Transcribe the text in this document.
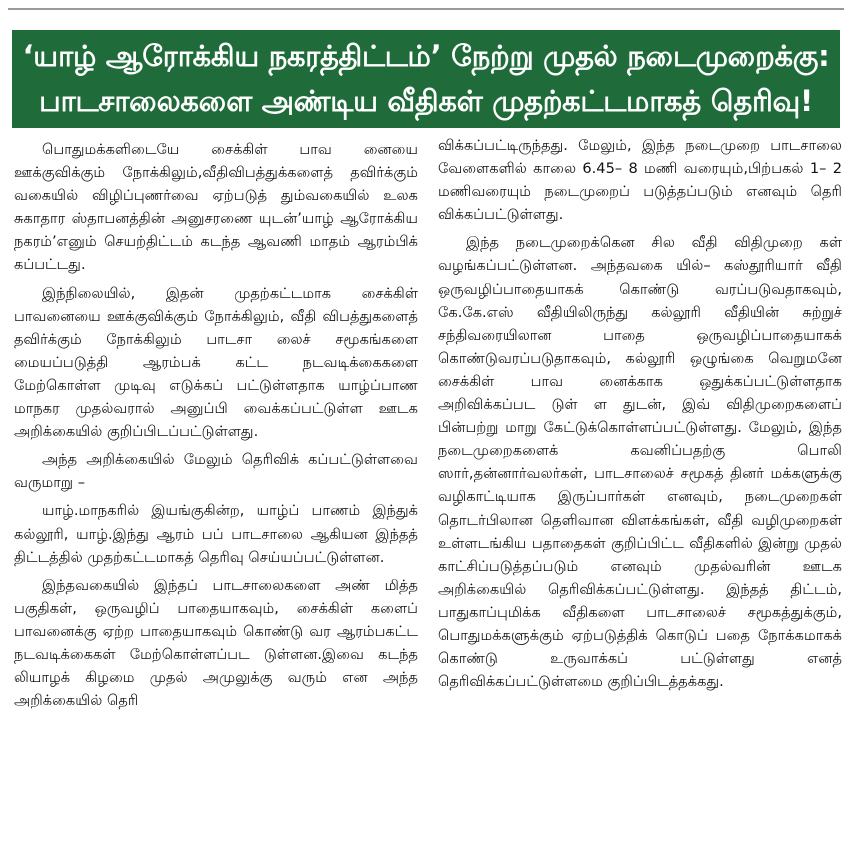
‘யாழ் ஆரோக்கிய நகரத்திட்டம்’ நேற்று முதல் நடைமுறைக்கு:
பாடசாலைகளை அண்டிய வீதிகள் முதற்கட்டமாகத் தெரிவு!

பொதுமக்களிடையே சைக்கிள் பாவ னையை ஊக்குவிக்கும் நோக்கிலும்,வீதிவிபத்துக்களைத் தவிர்க்கும் வகையில் விழிப்புணர்வை ஏற்படுத் தும்வகையில் உலக சுகாதார ஸ்தாபனத்தின் அனுசரணை யுடன்’யாழ் ஆரோக்கிய நகரம்’எனும் செயற்திட்டம் கடந்த ஆவணி மாதம் ஆரம்பிக் கப்பட்டது.

இந்நிலையில், இதன் முதற்கட்டமாக சைக்கிள் பாவனையை ஊக்குவிக்கும் நோக்கிலும், வீதி விபத்துகளைத் தவிர்க்கும் நோக்கிலும் பாடசா லைச் சமூகங்களை மையப்படுத்தி ஆரம்பக் கட்ட நடவடிக்கைகளை மேற்கொள்ள முடிவு எடுக்கப் பட்டுள்ளதாக யாழ்ப்பாண மாநகர முதல்வரால் அனுப்பி வைக்கப்பட்டுள்ள ஊடக அறிக்கையில் குறிப்பிடப்பட்டுள்ளது.

அந்த அறிக்கையில் மேலும் தெரிவிக் கப்பட்டுள்ளவை வருமாறு –

யாழ்.மாநகரில் இயங்குகின்ற, யாழ்ப் பாணம் இந்துக் கல்லூரி, யாழ்.இந்து ஆரம் பப் பாடசாலை ஆகியன இந்தத் திட்டத்தில் முதற்கட்டமாகத் தெரிவு செய்யப்பட்டுள்ளன.

இந்தவகையில் இந்தப் பாடசாலைகளை அண் மித்த பகுதிகள், ஒருவழிப் பாதையாகவும், சைக்கிள் களைப் பாவனைக்கு ஏற்ற பாதையாகவும் கொண்டு வர ஆரம்பகட்ட நடவடிக்கைகள் மேற்கொள்ளப்பட டுள்ளன.இவை கடந்த லியாழக் கிழமை முதல் அமுலுக்கு வரும் என அந்த அறிக்கையில் தெரி

விக்கப்பட்டிருந்தது. மேலும், இந்த நடைமுறை பாடசாலை வேளைகளில் காலை 6.45– 8 மணி வரையும்,பிற்பகல் 1– 2 மணிவரையும் நடைமுறைப் படுத்தப்படும் எனவும் தெரி விக்கப்பட்டுள்ளது.

இந்த நடைமுறைக்கென சில வீதி விதிமுறை கள் வழங்கப்பட்டுள்ளன. அந்தவகை யில்– கஸ்தூரியார் வீதி ஒருவழிப்பாதையாகக் கொண்டு வரப்படுவதாகவும், கே.கே.எஸ் வீதியிலிருந்து கல்லூரி வீதியின் சுற்றுச் சந்திவரையிலான பாதை ஒருவழிப்பாதையாகக் கொண்டுவரப்படுதாகவும், கல்லூரி ஒழுங்கை வெறுமனே சைக்கிள் பாவ னைக்காக ஒதுக்கப்பட்டுள்ளதாக அறிவிக்கப்பட டுள் ள துடன், இவ் விதிமுறைகளைப் பின்பற்று மாறு கேட்டுக்கொள்ளப்பட்டுள்ளது. மேலும், இந்த நடைமுறைகளைக் கவனிப்பதற்கு பொலி ஸார்,தன்னார்வலர்கள், பாடசாலைச் சமூகத் தினர் மக்களுக்கு வழிகாட்டியாக இருப்பார்கள் எனவும், நடைமுறைகள் தொடர்பிலான தெளிவான விளக்கங்கள், வீதி வழிமுறைகள் உள்ளடங்கிய பதாதைகள் குறிப்பிட்ட வீதிகளில் இன்று முதல் காட்சிப்படுத்தப்படும் எனவும் முதல்வரின் ஊடக அறிக்கையில் தெரிவிக்கப்பட்டுள்ளது. இந்தத் திட்டம், பாதுகாப்புமிக்க வீதிகளை பாடசாலைச் சமூகத்துக்கும், பொதுமக்களுக்கும் ஏற்படுத்திக் கொடுப் பதை நோக்கமாகக் கொண்டு உருவாக்கப் பட்டுள்ளது எனத் தெரிவிக்கப்பட்டுள்ளமை குறிப்பிடத்தக்கது.
